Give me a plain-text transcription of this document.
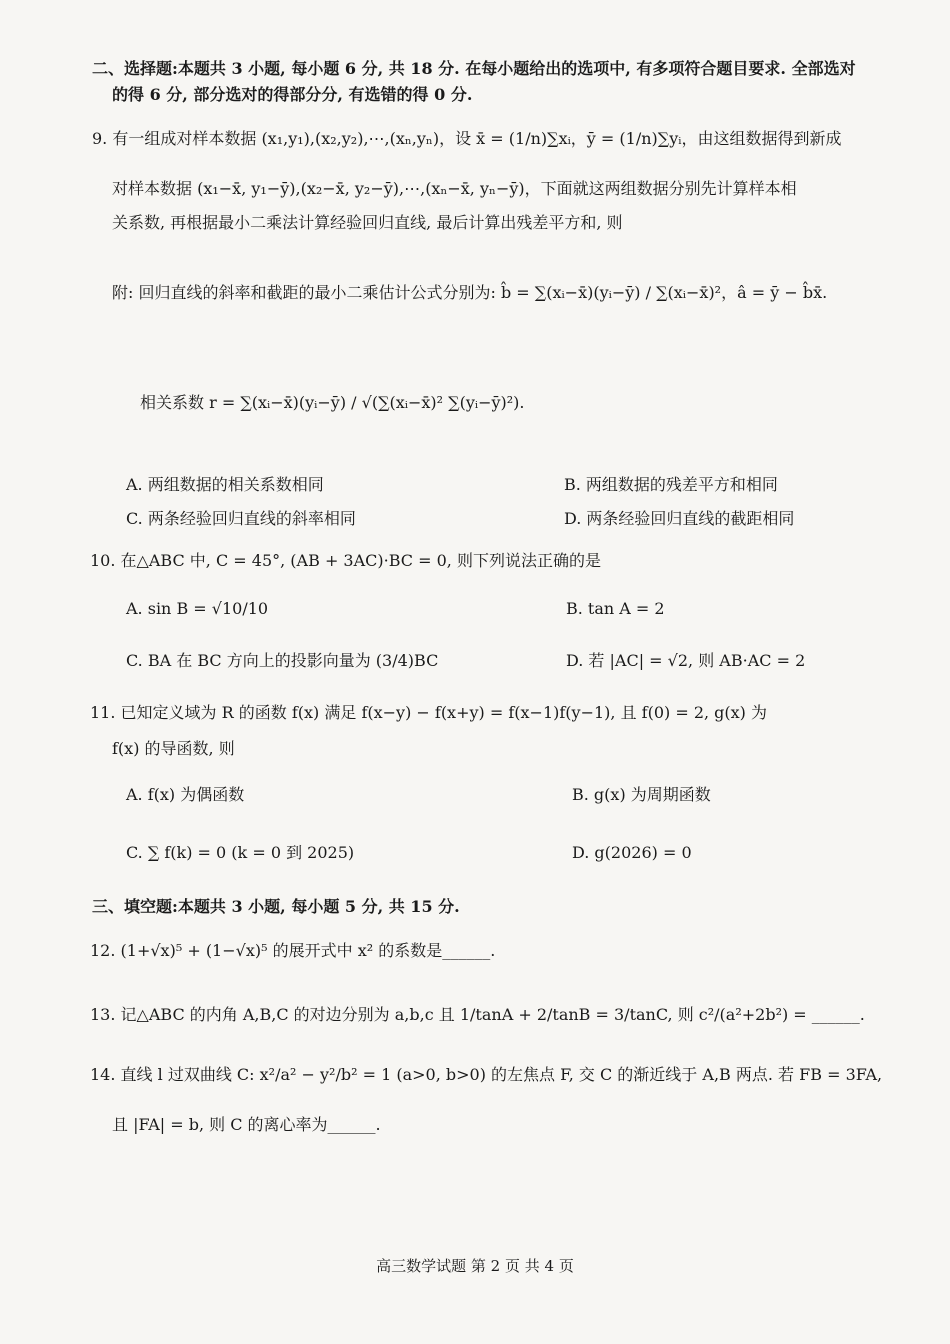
二、选择题:本题共 3 小题, 每小题 6 分, 共 18 分. 在每小题给出的选项中, 有多项符合题目要求. 全部选对
的得 6 分, 部分选对的得部分分, 有选错的得 0 分.
9. 有一组成对样本数据 (x₁,y₁),(x₂,y₂),⋯,(xₙ,yₙ)，设 x̄ = (1/n)∑xᵢ，ȳ = (1/n)∑yᵢ，由这组数据得到新成
对样本数据 (x₁−x̄, y₁−ȳ),(x₂−x̄, y₂−ȳ),⋯,(xₙ−x̄, yₙ−ȳ)，下面就这两组数据分别先计算样本相
关系数, 再根据最小二乘法计算经验回归直线, 最后计算出残差平方和, 则
附: 回归直线的斜率和截距的最小二乘估计公式分别为: b̂ = ∑(xᵢ−x̄)(yᵢ−ȳ) / ∑(xᵢ−x̄)²，â = ȳ − b̂x̄.
相关系数 r = ∑(xᵢ−x̄)(yᵢ−ȳ) / √(∑(xᵢ−x̄)² ∑(yᵢ−ȳ)²).
A. 两组数据的相关系数相同	B. 两组数据的残差平方和相同
C. 两条经验回归直线的斜率相同	D. 两条经验回归直线的截距相同
10. 在△ABC 中, C = 45°, (AB + 3AC)·BC = 0, 则下列说法正确的是
A. sin B = √10/10	B. tan A = 2
C. BA 在 BC 方向上的投影向量为 (3/4)BC	D. 若 |AC| = √2, 则 AB·AC = 2
11. 已知定义域为 R 的函数 f(x) 满足 f(x−y) − f(x+y) = f(x−1)f(y−1), 且 f(0) = 2, g(x) 为
f(x) 的导函数, 则
A. f(x) 为偶函数	B. g(x) 为周期函数
C. ∑ f(k) = 0 (k = 0 到 2025)	D. g(2026) = 0
三、填空题:本题共 3 小题, 每小题 5 分, 共 15 分.
12. (1+√x)⁵ + (1−√x)⁵ 的展开式中 x² 的系数是______.
13. 记△ABC 的内角 A,B,C 的对边分别为 a,b,c 且 1/tanA + 2/tanB = 3/tanC, 则 c²/(a²+2b²) = ______.
14. 直线 l 过双曲线 C: x²/a² − y²/b² = 1 (a>0, b>0) 的左焦点 F, 交 C 的渐近线于 A,B 两点. 若 FB = 3FA,
且 |FA| = b, 则 C 的离心率为______.
高三数学试题 第 2 页 共 4 页
